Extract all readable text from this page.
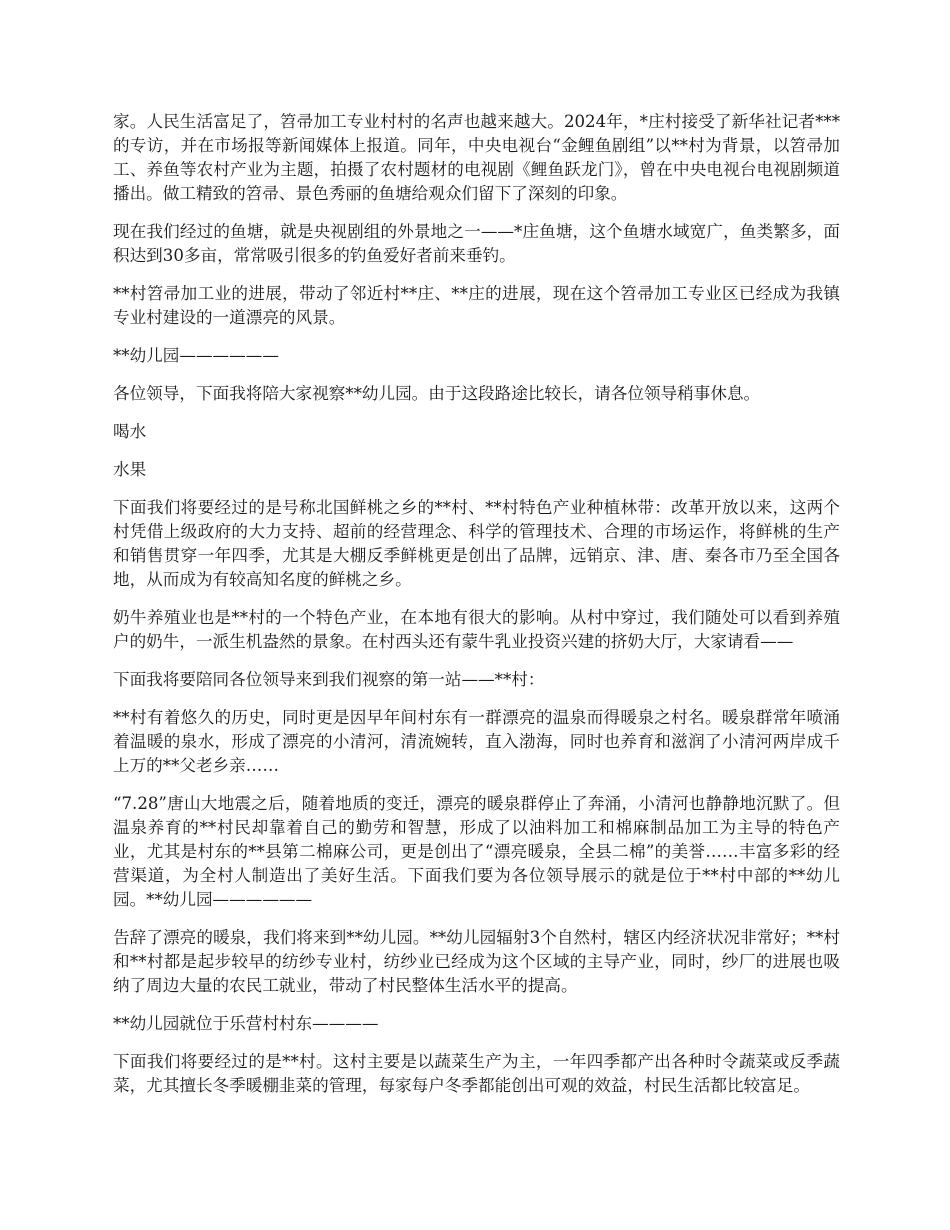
家。人民生活富足了，笤帚加工专业村村的名声也越来越大。2024年，*庄村接受了新华社记者***的专访，并在市场报等新闻媒体上报道。同年，中央电视台“金鲤鱼剧组”以**村为背景，以笤帚加工、养鱼等农村产业为主题，拍摄了农村题材的电视剧《鲤鱼跃龙门》，曾在中央电视台电视剧频道播出。做工精致的笤帚、景色秀丽的鱼塘给观众们留下了深刻的印象。

现在我们经过的鱼塘，就是央视剧组的外景地之一——*庄鱼塘，这个鱼塘水域宽广，鱼类繁多，面积达到30多亩，常常吸引很多的钓鱼爱好者前来垂钓。

**村笤帚加工业的进展，带动了邻近村**庄、**庄的进展，现在这个笤帚加工专业区已经成为我镇专业村建设的一道漂亮的风景。

**幼儿园——————

各位领导，下面我将陪大家视察**幼儿园。由于这段路途比较长，请各位领导稍事休息。

喝水

水果

下面我们将要经过的是号称北国鲜桃之乡的**村、**村特色产业种植林带：改革开放以来，这两个村凭借上级政府的大力支持、超前的经营理念、科学的管理技术、合理的市场运作，将鲜桃的生产和销售贯穿一年四季，尤其是大棚反季鲜桃更是创出了品牌，远销京、津、唐、秦各市乃至全国各地，从而成为有较高知名度的鲜桃之乡。

奶牛养殖业也是**村的一个特色产业，在本地有很大的影响。从村中穿过，我们随处可以看到养殖户的奶牛，一派生机盎然的景象。在村西头还有蒙牛乳业投资兴建的挤奶大厅，大家请看——

下面我将要陪同各位领导来到我们视察的第一站——**村：

**村有着悠久的历史，同时更是因早年间村东有一群漂亮的温泉而得暖泉之村名。暖泉群常年喷涌着温暖的泉水，形成了漂亮的小清河，清流婉转，直入渤海，同时也养育和滋润了小清河两岸成千上万的**父老乡亲……

“7.28”唐山大地震之后，随着地质的变迁，漂亮的暖泉群停止了奔涌，小清河也静静地沉默了。但温泉养育的**村民却靠着自己的勤劳和智慧，形成了以油料加工和棉麻制品加工为主导的特色产业，尤其是村东的**县第二棉麻公司，更是创出了“漂亮暖泉，全县二棉”的美誉……丰富多彩的经营渠道，为全村人制造出了美好生活。下面我们要为各位领导展示的就是位于**村中部的**幼儿园。**幼儿园——————

告辞了漂亮的暖泉，我们将来到**幼儿园。**幼儿园辐射3个自然村，辖区内经济状况非常好；**村和**村都是起步较早的纺纱专业村，纺纱业已经成为这个区域的主导产业，同时，纱厂的进展也吸纳了周边大量的农民工就业，带动了村民整体生活水平的提高。

**幼儿园就位于乐营村村东————

下面我们将要经过的是**村。这村主要是以蔬菜生产为主，一年四季都产出各种时令蔬菜或反季蔬菜，尤其擅长冬季暖棚韭菜的管理，每家每户冬季都能创出可观的效益，村民生活都比较富足。
